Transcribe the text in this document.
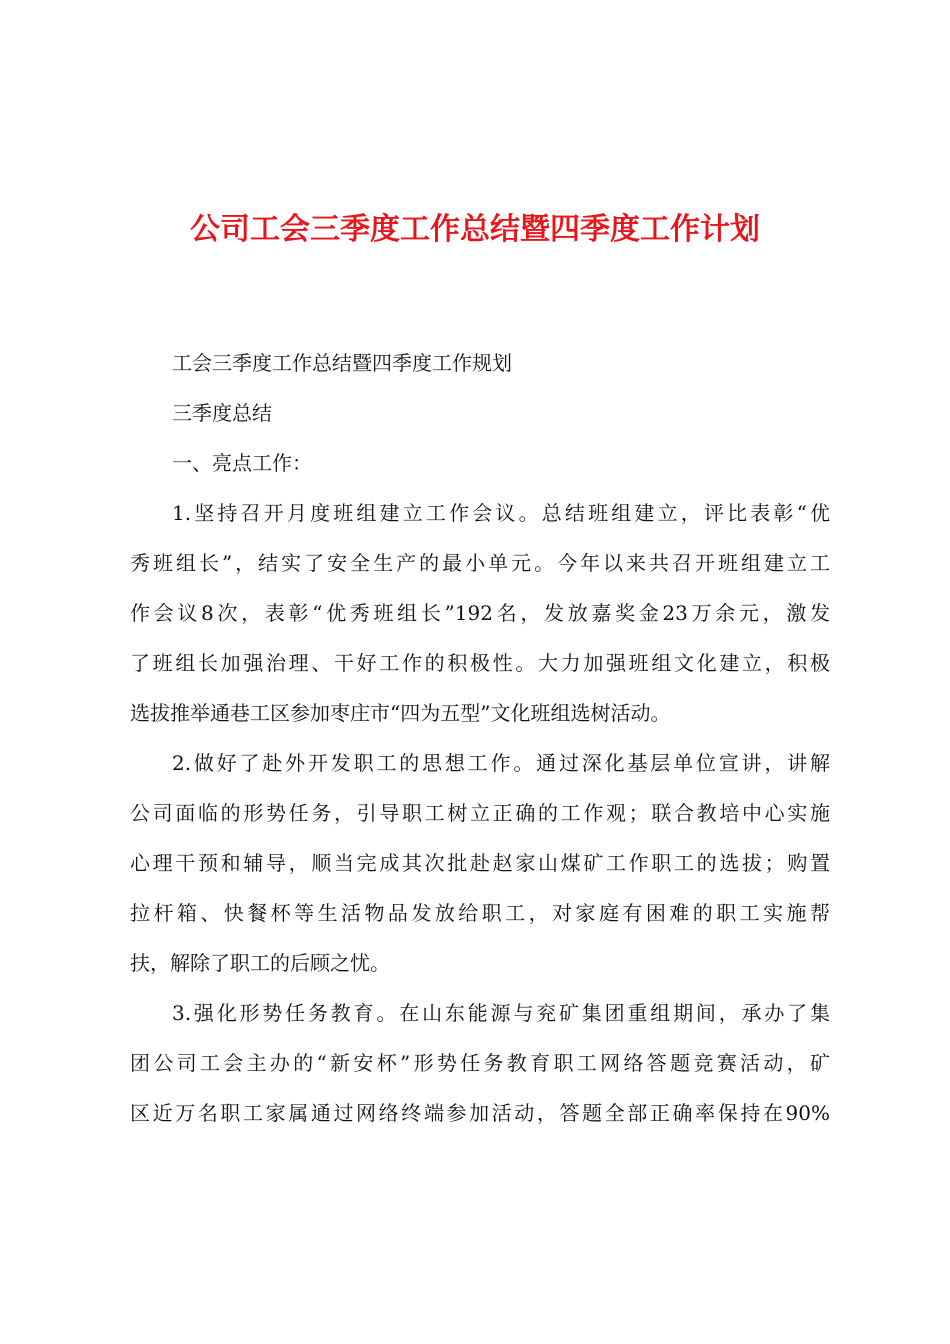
公司工会三季度工作总结暨四季度工作计划
工会三季度工作总结暨四季度工作规划
三季度总结
一、亮点工作：
1.坚持召开月度班组建立工作会议。总结班组建立，评比表彰“优
秀班组长”，结实了安全生产的最小单元。今年以来共召开班组建立工
作会议8次，表彰“优秀班组长”192名，发放嘉奖金23万余元，激发
了班组长加强治理、干好工作的积极性。大力加强班组文化建立，积极
选拔推举通巷工区参加枣庄市“四为五型”文化班组选树活动。
2.做好了赴外开发职工的思想工作。通过深化基层单位宣讲，讲解
公司面临的形势任务，引导职工树立正确的工作观；联合教培中心实施
心理干预和辅导，顺当完成其次批赴赵家山煤矿工作职工的选拔；购置
拉杆箱、快餐杯等生活物品发放给职工，对家庭有困难的职工实施帮
扶，解除了职工的后顾之忧。
3.强化形势任务教育。在山东能源与兖矿集团重组期间，承办了集
团公司工会主办的“新安杯”形势任务教育职工网络答题竞赛活动，矿
区近万名职工家属通过网络终端参加活动，答题全部正确率保持在90%
